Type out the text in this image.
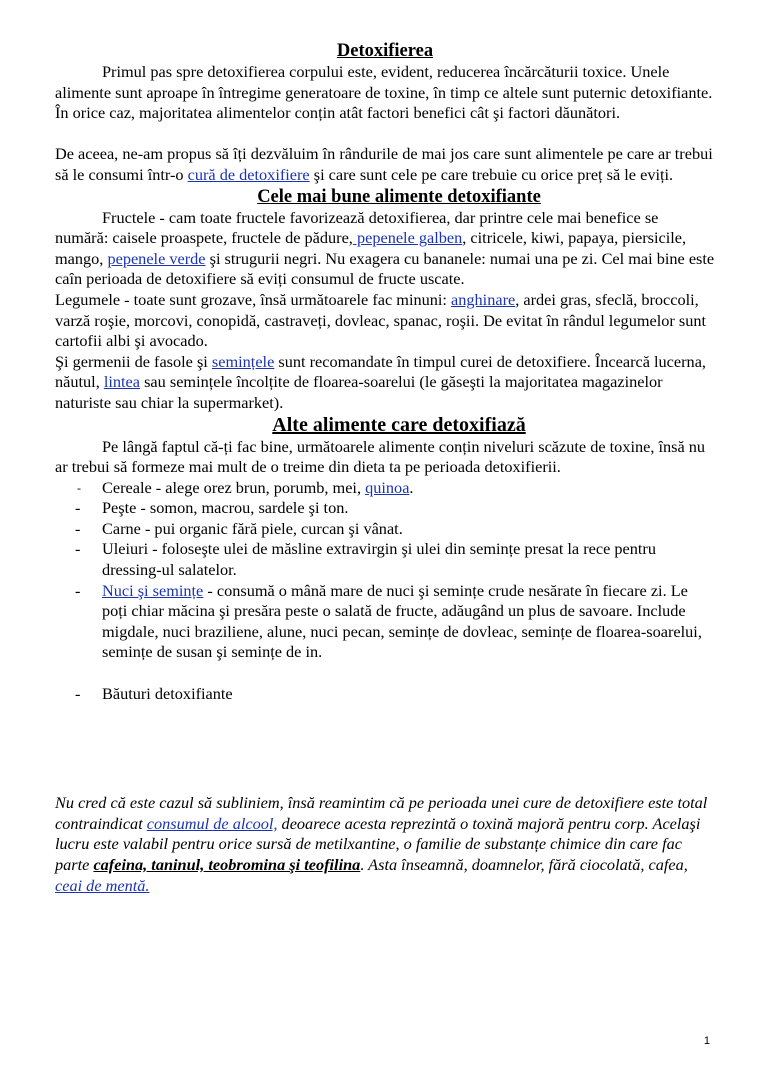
Detoxifierea

Primul pas spre detoxifierea corpului este, evident, reducerea încărcăturii toxice. Unele alimente sunt aproape în întregime generatoare de toxine, în timp ce altele sunt puternic detoxifiante. În orice caz, majoritatea alimentelor conțin atât factori benefici cât şi factori dăunători.

De aceea, ne-am propus să îți dezvăluim în rândurile de mai jos care sunt alimentele pe care ar trebui să le consumi într-o cură de detoxifiere şi care sunt cele pe care trebuie cu orice preț să le eviți.

Cele mai bune alimente detoxifiante

Fructele - cam toate fructele favorizează detoxifierea, dar printre cele mai benefice se numără: caisele proaspete, fructele de pădure, pepenele galben, citricele, kiwi, papaya, piersicile, mango, pepenele verde şi strugurii negri. Nu exagera cu bananele: numai una pe zi. Cel mai bine este caîn perioada de detoxifiere să eviți consumul de fructe uscate.

Legumele - toate sunt grozave, însă următoarele fac minuni: anghinare, ardei gras, sfeclă, broccoli, varză roşie, morcovi, conopidă, castraveți, dovleac, spanac, roşii. De evitat în rândul legumelor sunt cartofii albi şi avocado.

Şi germenii de fasole şi semințele sunt recomandate în timpul curei de detoxifiere. Încearcă lucerna, năutul, lintea sau semințele încolțite de floarea-soarelui (le găseşti la majoritatea magazinelor naturiste sau chiar la supermarket).

Alte alimente care detoxifiază

Pe lângă faptul că-ți fac bine, următoarele alimente conțin niveluri scăzute de toxine, însă nu ar trebui să formeze mai mult de o treime din dieta ta pe perioada detoxifierii.

- Cereale - alege orez brun, porumb, mei, quinoa.
- Peşte - somon, macrou, sardele şi ton.
- Carne - pui organic fără piele, curcan şi vânat.
- Uleiuri - foloseşte ulei de măsline extravirgin şi ulei din semințe presat la rece pentru dressing-ul salatelor.
- Nuci şi semințe - consumă o mână mare de nuci şi semințe crude nesărate în fiecare zi. Le poți chiar măcina şi presăra peste o salată de fructe, adăugând un plus de savoare. Include migdale, nuci braziliene, alune, nuci pecan, semințe de dovleac, semințe de floarea-soarelui, semințe de susan şi semințe de in.
- Băuturi detoxifiante

Nu cred că este cazul să subliniem, însă reamintim că pe perioada unei cure de detoxifiere este total contraindicat consumul de alcool, deoarece acesta reprezintă o toxină majoră pentru corp. Acelaşi lucru este valabil pentru orice sursă de metilxantine, o familie de substanțe chimice din care fac parte cafeina, taninul, teobromina şi teofilina. Asta înseamnă, doamnelor, fără ciocolată, cafea, ceai de mentă.

1
